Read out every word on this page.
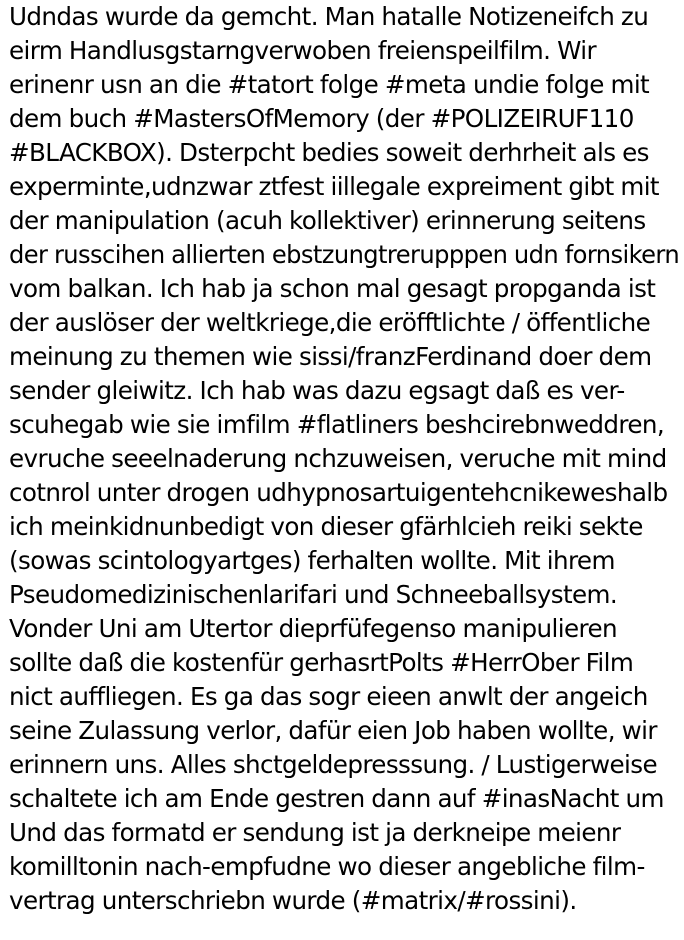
Udndas wurde da gemcht. Man hatalle Notizeneifch zu
eirm Handlusgstarngverwoben freienspeilfilm. Wir
erinenr usn an die #tatort folge #meta undie folge mit
dem buch #MastersOfMemory (der #POLIZEIRUF110
#BLACKBOX). Dsterpcht bedies soweit derhrheit als es
experminte,udnzwar ztfest iillegale expreiment gibt mit
der manipulation (acuh kollektiver) erinnerung seitens
der russcihen allierten ebstzungtrerupppen udn fornsikern
vom balkan. Ich hab ja schon mal gesagt propganda ist
der auslöser der weltkriege,die eröfftlichte / öffentliche
meinung zu themen wie sissi/franzFerdinand doer dem
sender gleiwitz. Ich hab was dazu egsagt daß es ver-
scuhegab wie sie imfilm #flatliners beshcirebnweddren,
evruche seeelnaderung nchzuweisen, veruche mit mind
cotnrol unter drogen udhypnosartuigentehcnikeweshalb
ich meinkidnunbedigt von dieser gfärhlcieh reiki sekte
(sowas scintologyartges) ferhalten wollte. Mit ihrem
Pseudomedizinischenlarifari und Schneeballsystem.
Vonder Uni am Utertor dieprfüfegenso manipulieren
sollte daß die kostenfür gerhasrtPolts #HerrOber Film
nict auffliegen. Es ga das sogr eieen anwlt der angeich
seine Zulassung verlor, dafür eien Job haben wollte, wir
erinnern uns. Alles shctgeldepresssung. / Lustigerweise
schaltete ich am Ende gestren dann auf #inasNacht um
Und das formatd er sendung ist ja derkneipe meienr
komilltonin nach-empfudne wo dieser angebliche film-
vertrag unterschriebn wurde (#matrix/#rossini).
